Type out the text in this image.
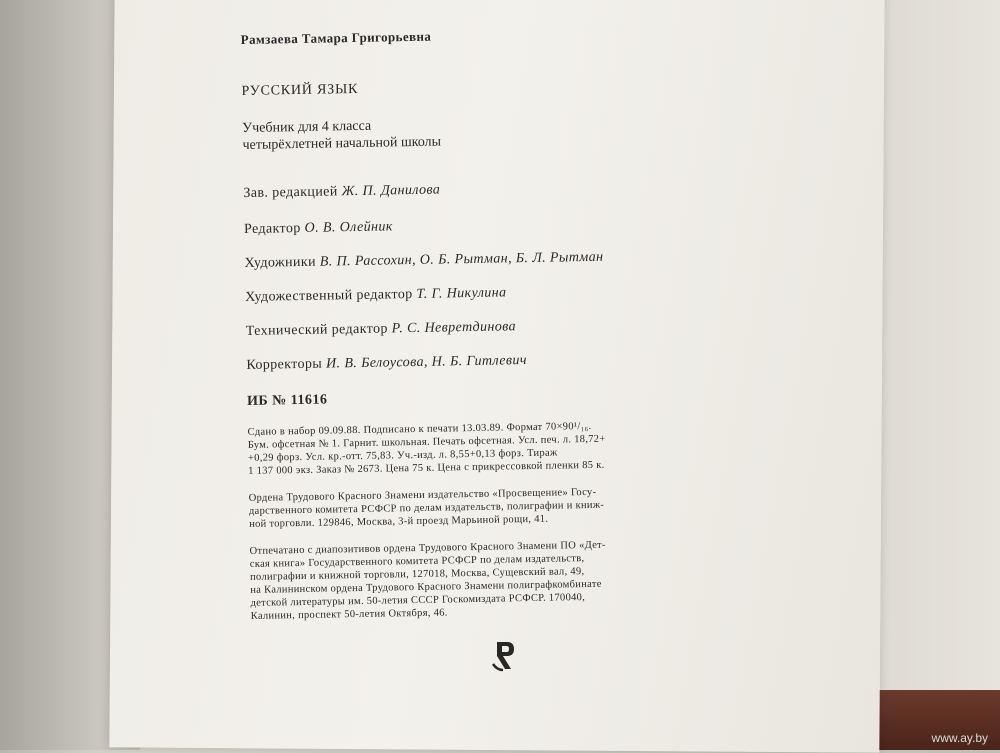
Рамзаева Тамара Григорьевна
РУССКИЙ ЯЗЫК
Учебник для 4 класса
четырёхлетней начальной школы
Зав. редакцией Ж. П. Данилова
Редактор О. В. Олейник
Художники В. П. Рассохин, О. Б. Рытман, Б. Л. Рытман
Художественный редактор Т. Г. Никулина
Технический редактор Р. С. Невретдинова
Корректоры И. В. Белоусова, Н. Б. Гитлевич
ИБ № 11616
Сдано в набор 09.09.88. Подписано к печати 13.03.89. Формат 70×90¹/₁₆.
Бум. офсетная № 1. Гарнит. школьная. Печать офсетная. Усл. печ. л. 18,72+
+0,29 форз. Усл. кр.-отт. 75,83. Уч.-изд. л. 8,55+0,13 форз. Тираж
1 137 000 экз. Заказ № 2673. Цена 75 к. Цена с прикрессовкой пленки 85 к.
Ордена Трудового Красного Знамени издательство «Просвещение» Госу-
дарственного комитета РСФСР по делам издательств, полиграфии и книж-
ной торговли. 129846, Москва, 3-й проезд Марьиной рощи, 41.
Отпечатано с диапозитивов ордена Трудового Красного Знамени ПО «Дет-
ская книга» Государственного комитета РСФСР по делам издательств,
полиграфии и книжной торговли, 127018, Москва, Сущевский вал, 49,
на Калининском ордена Трудового Красного Знамени полиграфкомбинате
детской литературы им. 50-летия СССР Госкомиздата РСФСР. 170040,
Калинин, проспект 50-летия Октября, 46.
www.ay.by
